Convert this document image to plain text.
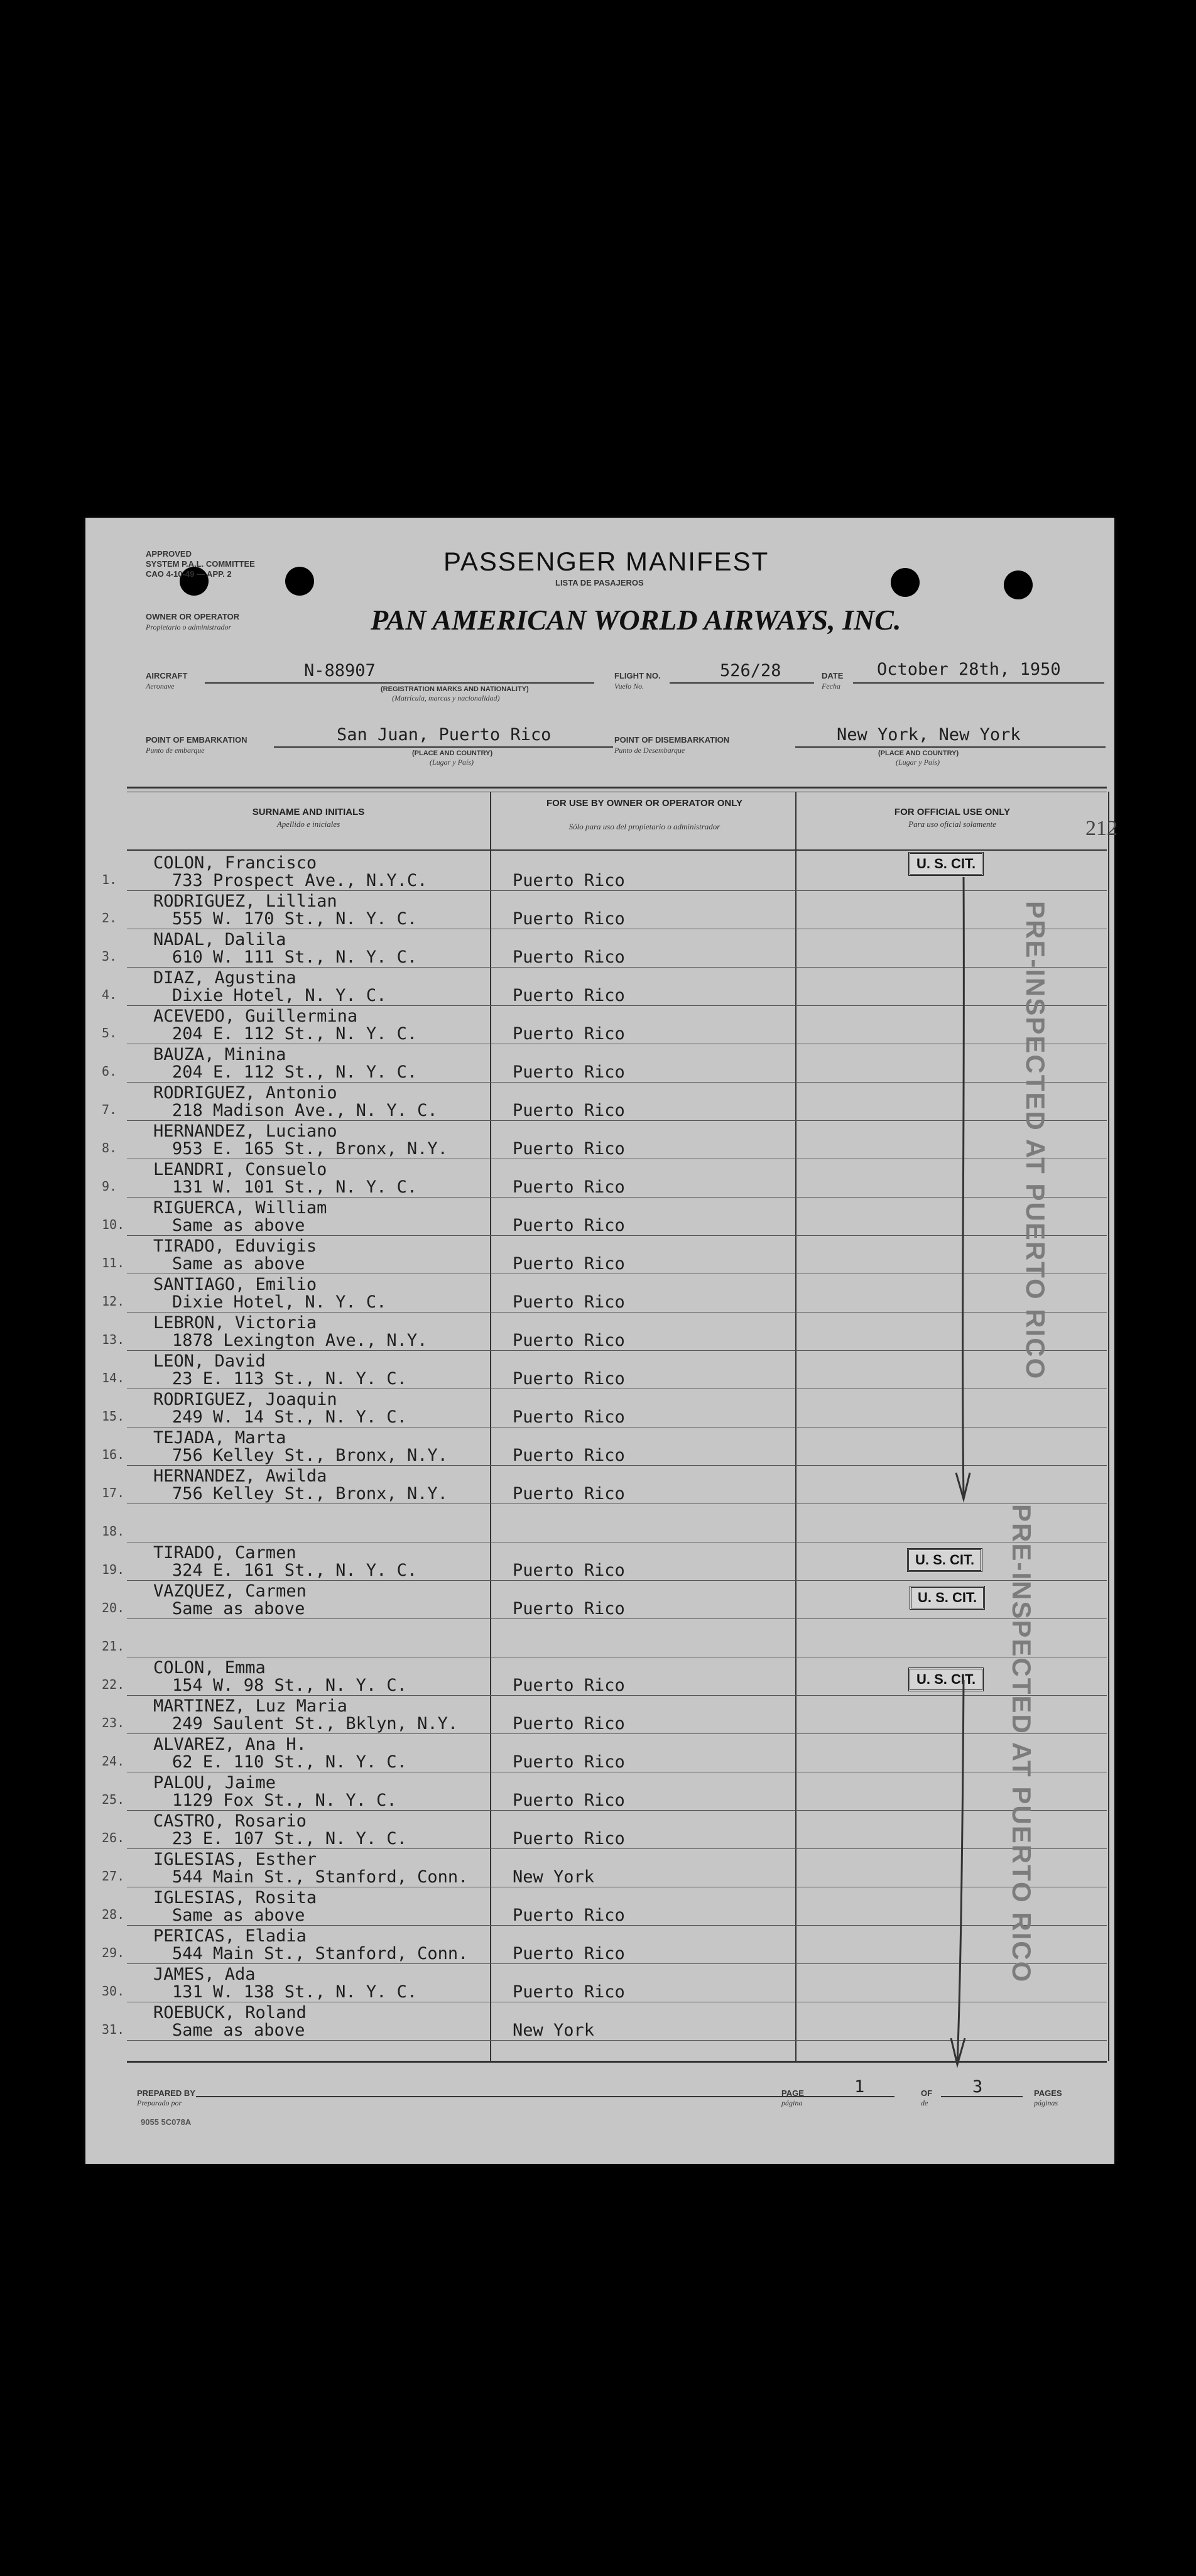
APPROVED
SYSTEM P.A.L. COMMITTEE
CAO 4-10-49 — APP. 2	PASSENGER MANIFEST
LISTA DE PASAJEROS
OWNER OR OPERATOR
Propietario o administrador	PAN AMERICAN WORLD AIRWAYS, INC.
AIRCRAFT
Aeronave
N-88907
(REGISTRATION MARKS AND NATIONALITY)
(Matrícula, marcas y nacionalidad)
FLIGHT NO.
Vuelo No.
526/28	DATE
Fecha
October 28th, 1950
POINT OF EMBARKATION
Punto de embarque
San Juan, Puerto Rico
(PLACE AND COUNTRY)
(Lugar y País)
POINT OF DISEMBARKATION
Punto de Desembarque
New York, New York
(PLACE AND COUNTRY)
(Lugar y País)
SURNAME AND INITIALS
Apellido e iniciales
FOR USE BY OWNER OR OPERATOR ONLY
Sólo para uso del propietario o administrador
FOR OFFICIAL USE ONLY
Para uso oficial solamente	212
1.
COLON, Francisco
733 Prospect Ave., N.Y.C.	Puerto Rico
2.
RODRIGUEZ, Lillian
555 W. 170 St., N. Y. C.	Puerto Rico
3.
NADAL, Dalila
610 W. 111 St., N. Y. C.	Puerto Rico
4.
DIAZ, Agustina
Dixie Hotel, N. Y. C.	Puerto Rico
5.
ACEVEDO, Guillermina
204 E. 112 St., N. Y. C.	Puerto Rico
6.
BAUZA, Minina
204 E. 112 St., N. Y. C.	Puerto Rico
7.
RODRIGUEZ, Antonio
218 Madison Ave., N. Y. C.	Puerto Rico
8.
HERNANDEZ, Luciano
953 E. 165 St., Bronx, N.Y.	Puerto Rico
9.
LEANDRI, Consuelo
131 W. 101 St., N. Y. C.	Puerto Rico
10.
RIGUERCA, William
Same as above	Puerto Rico
11.
TIRADO, Eduvigis
Same as above	Puerto Rico
12.
SANTIAGO, Emilio
Dixie Hotel, N. Y. C.	Puerto Rico
13.
LEBRON, Victoria
1878 Lexington Ave., N.Y.	Puerto Rico
14.
LEON, David
23 E. 113 St., N. Y. C.	Puerto Rico
15.
RODRIGUEZ, Joaquin
249 W. 14 St., N. Y. C.	Puerto Rico
16.
TEJADA, Marta
756 Kelley St., Bronx, N.Y.	Puerto Rico
17.
HERNANDEZ, Awilda
756 Kelley St., Bronx, N.Y.	Puerto Rico
18.
19.
TIRADO, Carmen
324 E. 161 St., N. Y. C.	Puerto Rico
20.
VAZQUEZ, Carmen
Same as above	Puerto Rico
21.
22.
COLON, Emma
154 W. 98 St., N. Y. C.	Puerto Rico
23.
MARTINEZ, Luz Maria
249 Saulent St., Bklyn, N.Y.	Puerto Rico
24.
ALVAREZ, Ana H.
62 E. 110 St., N. Y. C.	Puerto Rico
25.
PALOU, Jaime
1129 Fox St., N. Y. C.	Puerto Rico
26.
CASTRO, Rosario
23 E. 107 St., N. Y. C.	Puerto Rico
27.
IGLESIAS, Esther
544 Main St., Stanford, Conn.	New York
28.
IGLESIAS, Rosita
Same as above	Puerto Rico
29.
PERICAS, Eladia
544 Main St., Stanford, Conn.	Puerto Rico
30.
JAMES, Ada
131 W. 138 St., N. Y. C.	Puerto Rico
31.
ROEBUCK, Roland
Same as above	New York
U. S. CIT.
U. S. CIT.
U. S. CIT.
U. S. CIT.
PRE-INSPECTED AT PUERTO RICO
PRE-INSPECTED AT PUERTO RICO
PREPARED BY
Preparado por
PAGE
página
1	OF
de
3	PAGES
páginas
9055 5C078A
